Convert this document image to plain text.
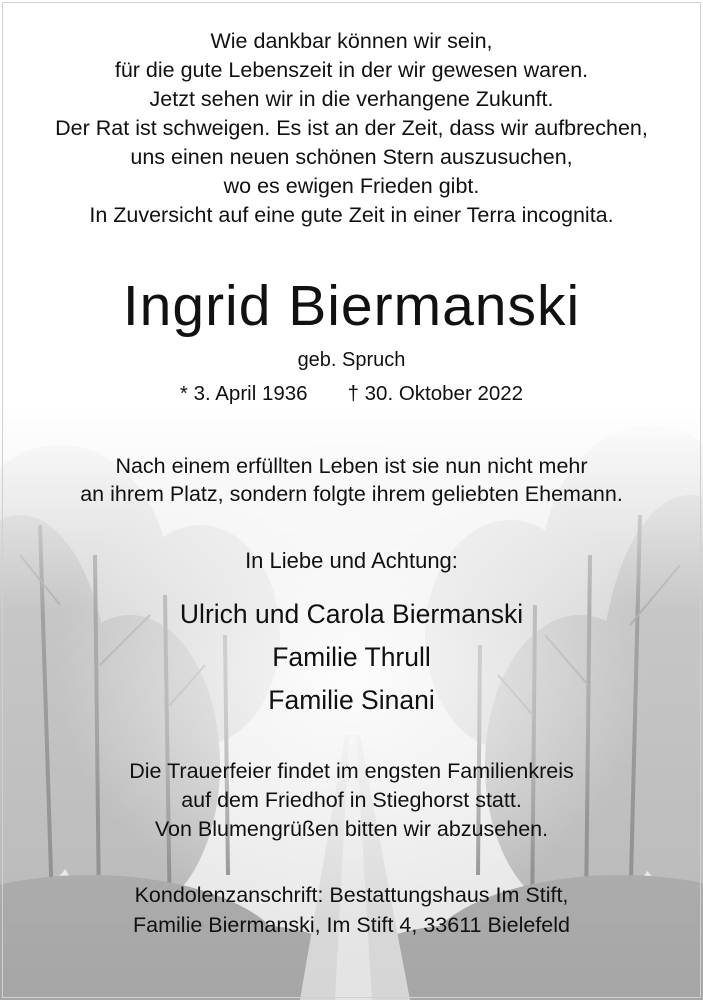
Wie dankbar können wir sein,
für die gute Lebenszeit in der wir gewesen waren.
Jetzt sehen wir in die verhangene Zukunft.
Der Rat ist schweigen. Es ist an der Zeit, dass wir aufbrechen,
uns einen neuen schönen Stern auszusuchen,
wo es ewigen Frieden gibt.
In Zuversicht auf eine gute Zeit in einer Terra incognita.
Ingrid Biermanski
geb. Spruch
* 3. April 1936 † 30. Oktober 2022
Nach einem erfüllten Leben ist sie nun nicht mehr
an ihrem Platz, sondern folgte ihrem geliebten Ehemann.
In Liebe und Achtung:
Ulrich und Carola Biermanski
Familie Thrull
Familie Sinani
Die Trauerfeier findet im engsten Familienkreis
auf dem Friedhof in Stieghorst statt.
Von Blumengrüßen bitten wir abzusehen.
Kondolenzanschrift: Bestattungshaus Im Stift,
Familie Biermanski, Im Stift 4, 33611 Bielefeld
